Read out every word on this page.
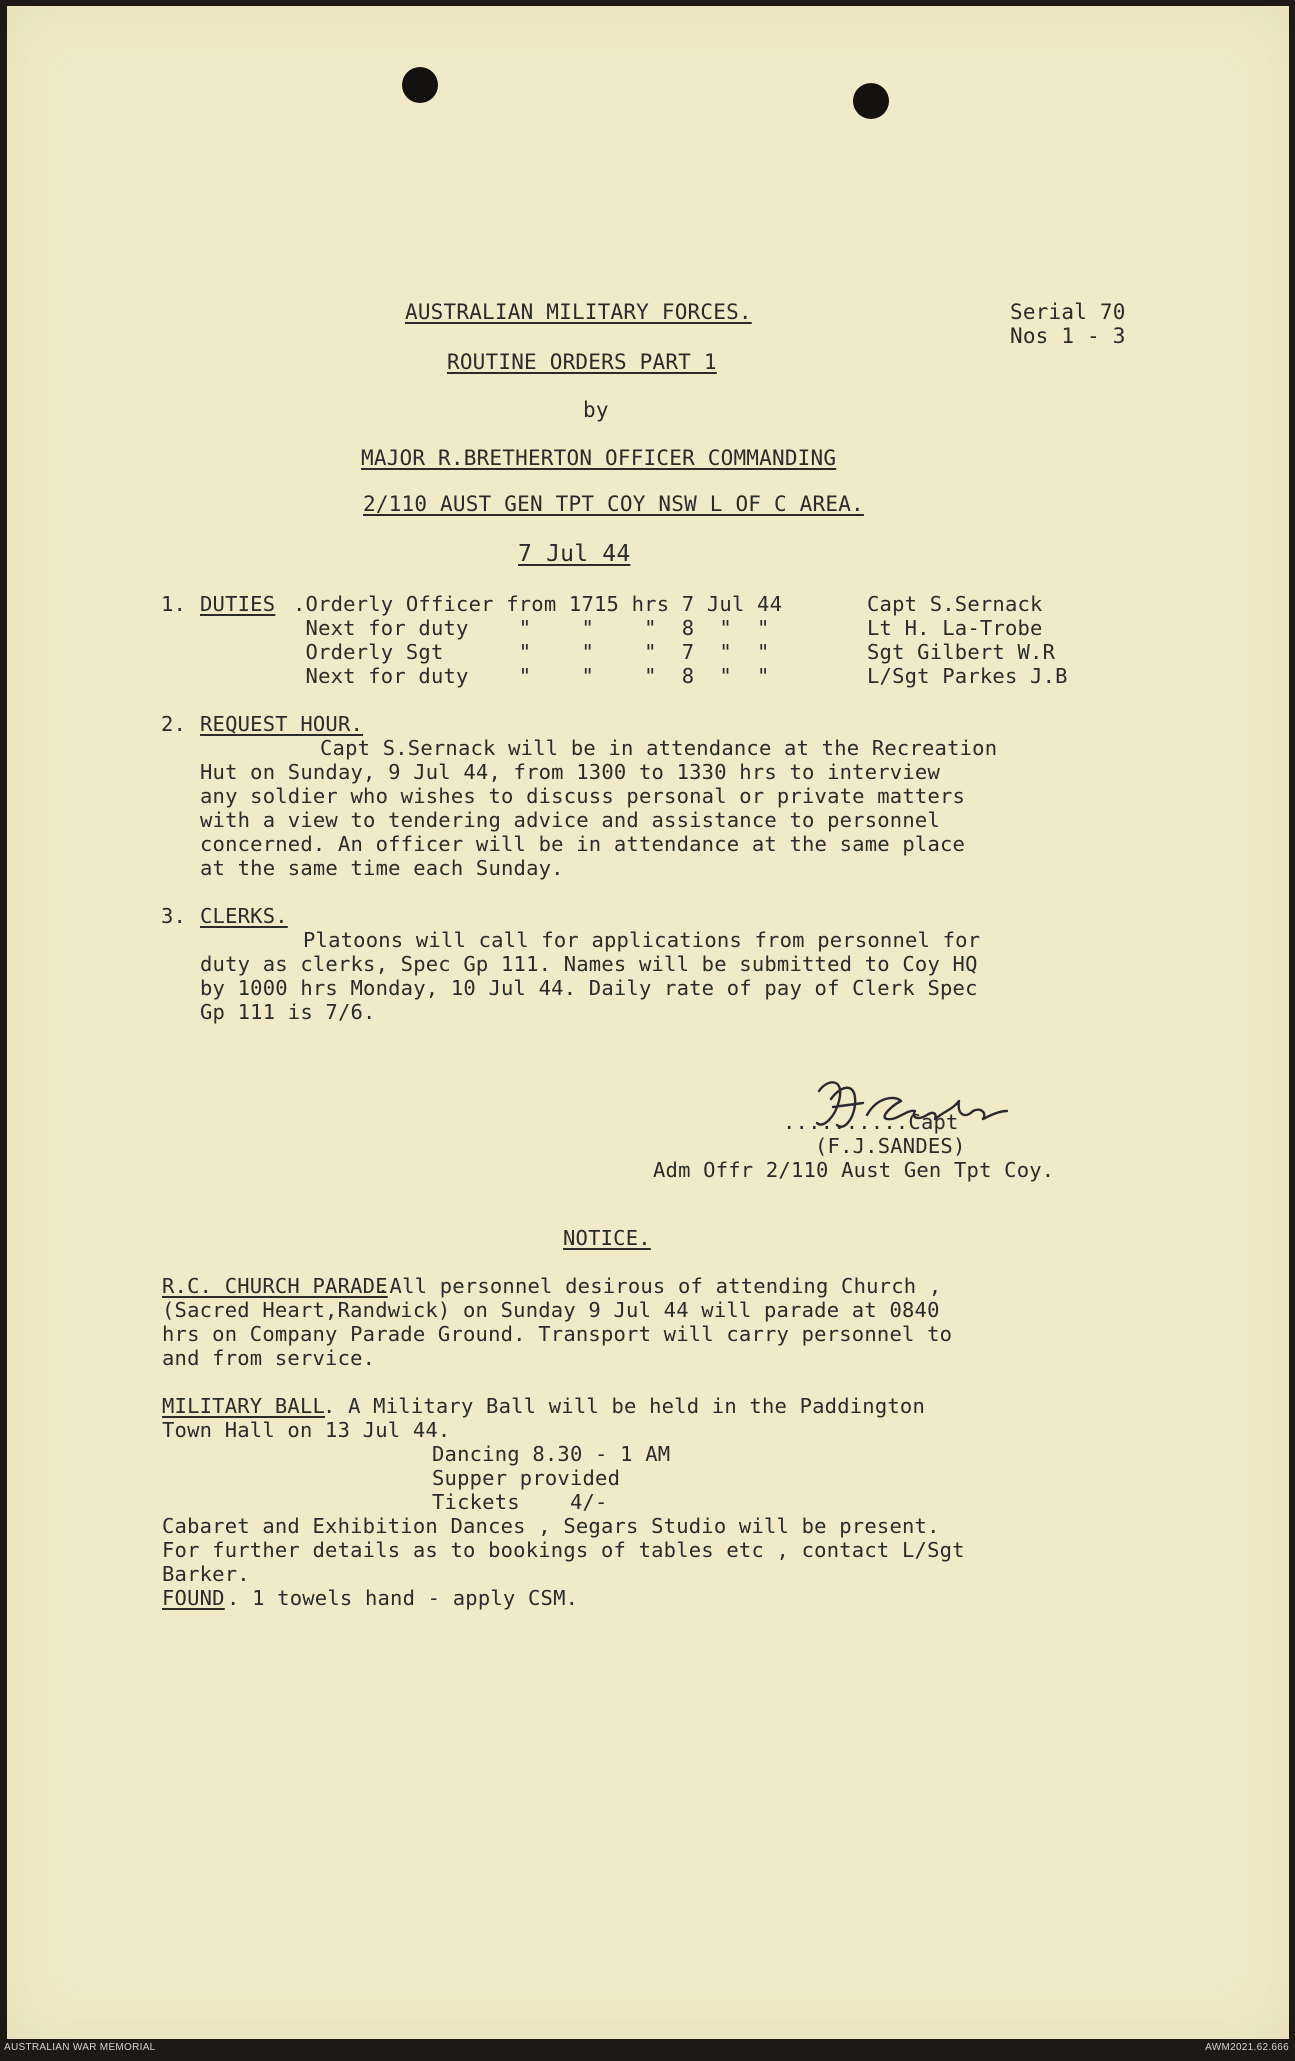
AUSTRALIAN MILITARY FORCES.	Serial 70
Nos 1 - 3
ROUTINE ORDERS PART 1
by
MAJOR R.BRETHERTON OFFICER COMMANDING
2/110 AUST GEN TPT COY NSW L OF C AREA.
7 Jul 44
1. DUTIES .Orderly Officer from 1715 hrs 7 Jul 44	Capt S.Sernack
Next for duty    "    "    "  8  "  "	Lt H. La-Trobe
Orderly Sgt      "    "    "  7  "  "	Sgt Gilbert W.R
Next for duty    "    "    "  8  "  "	L/Sgt Parkes J.B
2. REQUEST HOUR.
Capt S.Sernack will be in attendance at the Recreation
Hut on Sunday, 9 Jul 44, from 1300 to 1330 hrs to interview
any soldier who wishes to discuss personal or private matters
with a view to tendering advice and assistance to personnel
concerned. An officer will be in attendance at the same place
at the same time each Sunday.
3. CLERKS.
Platoons will call for applications from personnel for
duty as clerks, Spec Gp 111. Names will be submitted to Coy HQ
by 1000 hrs Monday, 10 Jul 44. Daily rate of pay of Clerk Spec
Gp 111 is 7/6.
..........Capt
(F.J.SANDES)
Adm Offr 2/110 Aust Gen Tpt Coy.
NOTICE.
R.C. CHURCH PARADE
.All personnel desirous of attending Church ,
(Sacred Heart,Randwick) on Sunday 9 Jul 44 will parade at 0840
hrs on Company Parade Ground. Transport will carry personnel to
and from service.
MILITARY BALL
. A Military Ball will be held in the Paddington
Town Hall on 13 Jul 44.
Dancing 8.30 - 1 AM
Supper provided
Tickets    4/-
Cabaret and Exhibition Dances , Segars Studio will be present.
For further details as to bookings of tables etc , contact L/Sgt
Barker.
FOUND . 1 towels hand - apply CSM.
AUSTRALIAN WAR MEMORIAL	AWM2021.62.666
